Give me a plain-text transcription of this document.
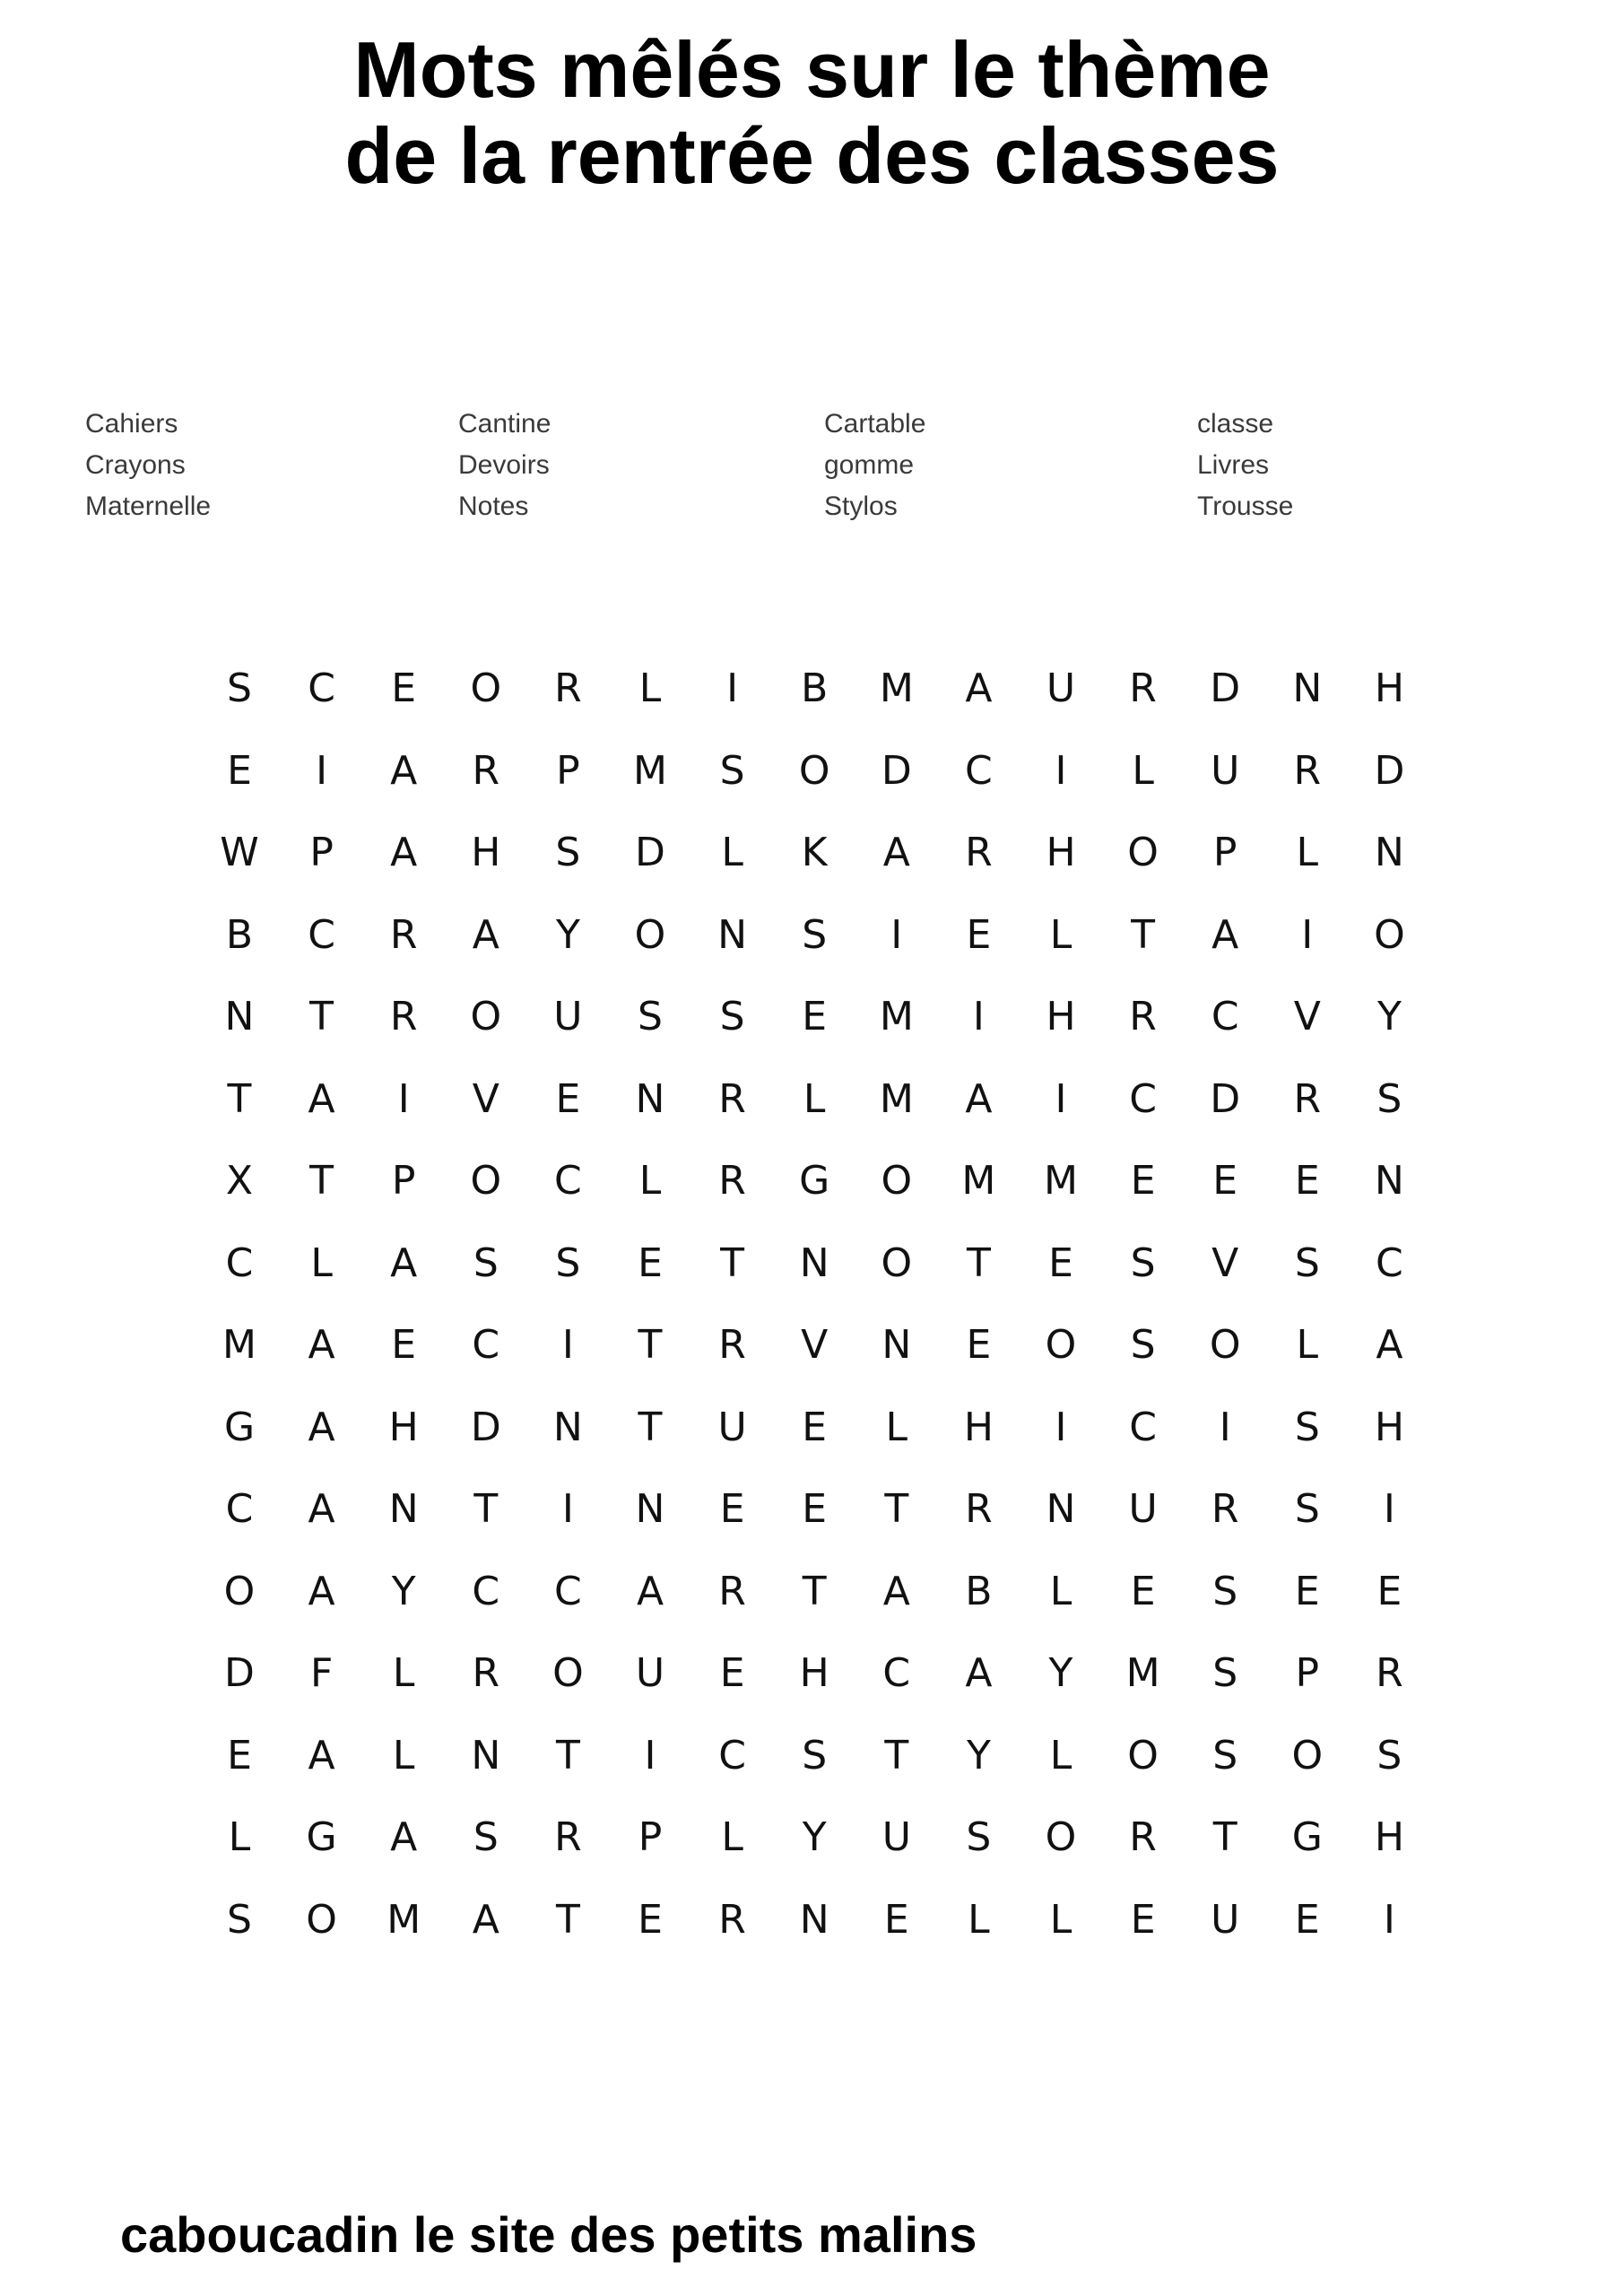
Mots mêlés sur le thème
de la rentrée des classes
Cahiers
Crayons
Maternelle
Cantine
Devoirs
Notes
Cartable
gomme
Stylos
classe
Livres
Trousse
S	C	E	O	R	L	I	B	M	A	U	R	D	N	H
E	I	A	R	P	M	S	O	D	C	I	L	U	R	D
W	P	A	H	S	D	L	K	A	R	H	O	P	L	N
B	C	R	A	Y	O	N	S	I	E	L	T	A	I	O
N	T	R	O	U	S	S	E	M	I	H	R	C	V	Y
T	A	I	V	E	N	R	L	M	A	I	C	D	R	S
X	T	P	O	C	L	R	G	O	M	M	E	E	E	N
C	L	A	S	S	E	T	N	O	T	E	S	V	S	C
M	A	E	C	I	T	R	V	N	E	O	S	O	L	A
G	A	H	D	N	T	U	E	L	H	I	C	I	S	H
C	A	N	T	I	N	E	E	T	R	N	U	R	S	I
O	A	Y	C	C	A	R	T	A	B	L	E	S	E	E
D	F	L	R	O	U	E	H	C	A	Y	M	S	P	R
E	A	L	N	T	I	C	S	T	Y	L	O	S	O	S
L	G	A	S	R	P	L	Y	U	S	O	R	T	G	H
S	O	M	A	T	E	R	N	E	L	L	E	U	E	I

caboucadin le site des petits malins
